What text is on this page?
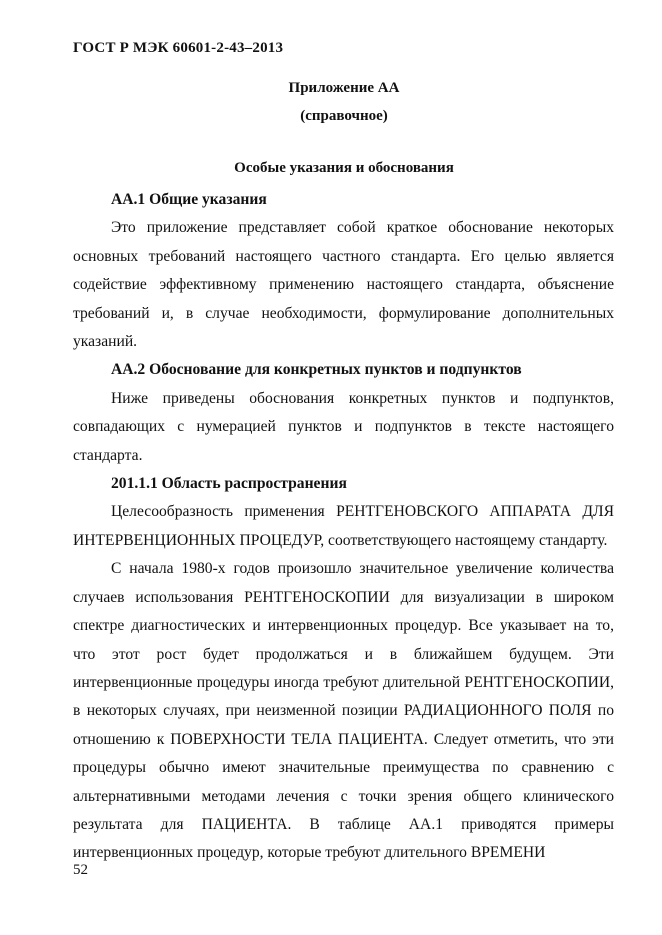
ГОСТ Р МЭК 60601-2-43–2013
Приложение АА
(справочное)
Особые указания и обоснования

АА.1 Общие указания

Это приложение представляет собой краткое обоснование некоторых основных требований настоящего частного стандарта. Его целью является содействие эффективному применению настоящего стандарта, объяснение требований и, в случае необходимости, формулирование дополнительных указаний.

АА.2 Обоснование для конкретных пунктов и подпунктов

Ниже приведены обоснования конкретных пунктов и подпунктов, совпадающих с нумерацией пунктов и подпунктов в тексте настоящего стандарта.

201.1.1 Область распространения

Целесообразность применения РЕНТГЕНОВСКОГО АППАРАТА ДЛЯ ИНТЕРВЕНЦИОННЫХ ПРОЦЕДУР, соответствующего настоящему стандарту.

С начала 1980-х годов произошло значительное увеличение количества случаев использования РЕНТГЕНОСКОПИИ для визуализации в широком спектре диагностических и интервенционных процедур. Все указывает на то, что этот рост будет продолжаться и в ближайшем будущем. Эти интервенционные процедуры иногда требуют длительной РЕНТГЕНОСКОПИИ, в некоторых случаях, при неизменной позиции РАДИАЦИОННОГО ПОЛЯ по отношению к ПОВЕРХНОСТИ ТЕЛА ПАЦИЕНТА. Следует отметить, что эти процедуры обычно имеют значительные преимущества по сравнению с альтернативными методами лечения с точки зрения общего клинического результата для ПАЦИЕНТА. В таблице АА.1 приводятся примеры интервенционных процедур, которые требуют длительного ВРЕМЕНИ

52
